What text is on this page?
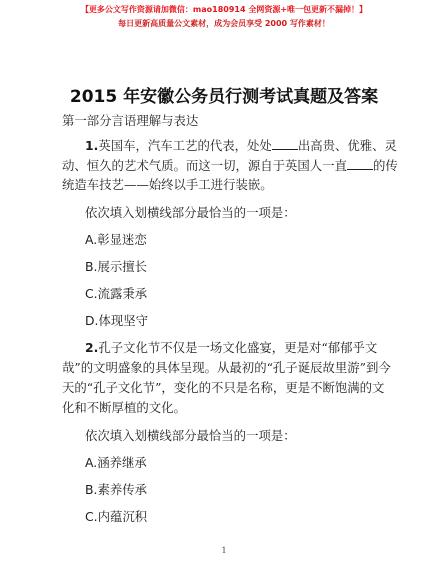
【更多公文写作资源请加微信：mao180914 全网资源+唯一包更新不漏掉！】
每日更新高质量公文素材，成为会员享受 2000 写作素材！
2015 年安徽公务员行测考试真题及答案
第一部分言语理解与表达
1.英国车，汽车工艺的代表，处处 出高贵、优雅、灵
动、恒久的艺术气质。而这一切，源自于英国人一直 的传
统造车技艺——始终以手工进行装嵌。
依次填入划横线部分最恰当的一项是：
A.彰显迷恋
B.展示擅长
C.流露秉承
D.体现坚守
2.孔子文化节不仅是一场文化盛宴，更是对“郁郁乎文
哉”的文明盛象的具体呈现。从最初的“孔子诞辰故里游”到今
天的“孔子文化节”，变化的不只是名称，更是不断饱满的文
化和不断厚植的文化。
依次填入划横线部分最恰当的一项是：
A.涵养继承
B.素养传承
C.内蕴沉积
1
